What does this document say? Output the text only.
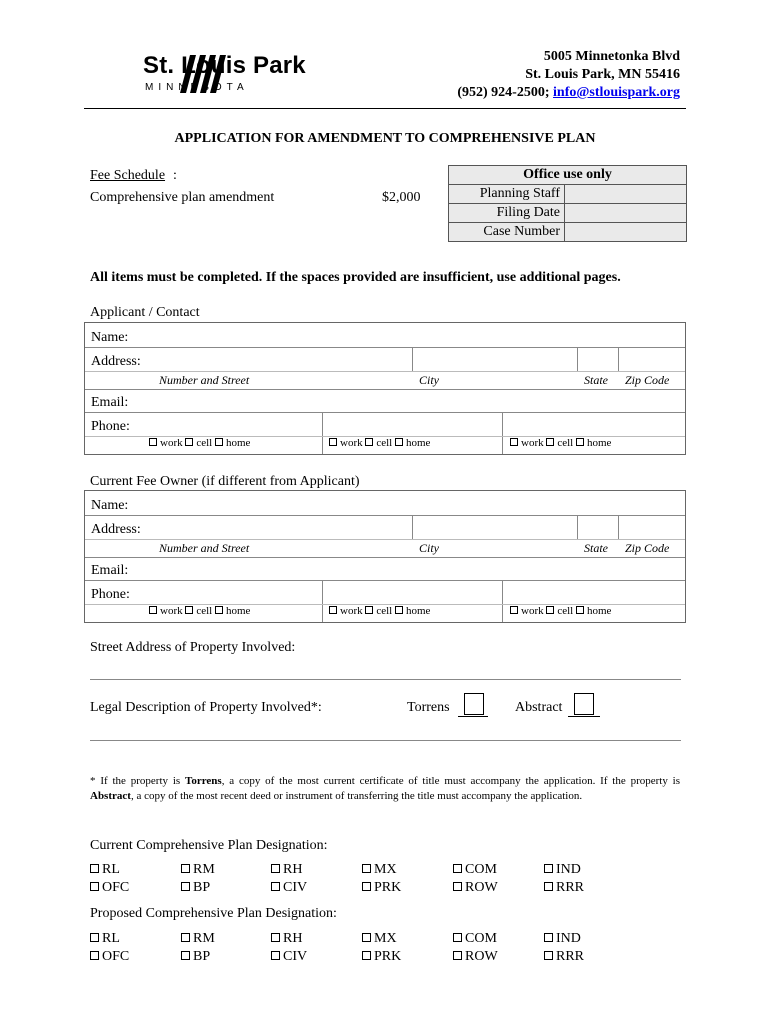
St. Louis Park
MINNESOTA
5005 Minnetonka Blvd
St. Louis Park, MN 55416
(952) 924-2500; info@stlouispark.org
APPLICATION FOR AMENDMENT TO COMPREHENSIVE PLAN
Fee Schedule :
Comprehensive plan amendment	$2,000
Office use only	
Planning Staff	
Filing Date	
Case Number	
All items must be completed. If the spaces provided are insufficient, use additional pages.
Applicant / Contact
Name:
Address:
Number and Street	City	State Zip Code
Email:
Phone:
work cell home	work cell home	work cell home
Current Fee Owner (if different from Applicant)
Name:
Address:
Number and Street	City	State Zip Code
Email:
Phone:
work cell home	work cell home	work cell home
Street Address of Property Involved:
Legal Description of Property Involved*:	Torrens	Abstract

* If the property is Torrens, a copy of the most current certificate of title must accompany the application. If the property is Abstract, a copy of the most recent deed or instrument of transferring the title must accompany the application.

Current Comprehensive Plan Designation:
RL	RM	RH	MX	COM	IND
OFC	BP	CIV	PRK	ROW	RRR
Proposed Comprehensive Plan Designation:
RL	RM	RH	MX	COM	IND
OFC	BP	CIV	PRK	ROW	RRR
